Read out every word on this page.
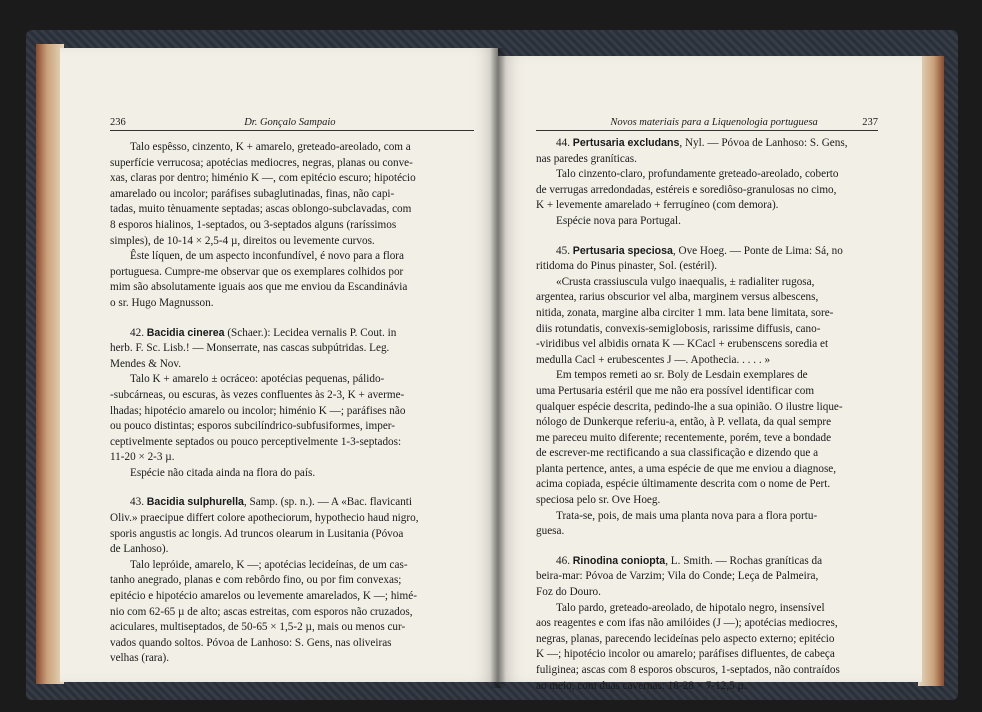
236	Dr. Gonçalo Sampaio
Talo espêsso, cinzento, K + amarelo, greteado-areolado, com a
superfície verrucosa; apotécias mediocres, negras, planas ou conve-
xas, claras por dentro; himénio K —, com epitécio escuro; hipotécio
amarelado ou incolor; paráfises subaglutinadas, finas, não capi-
tadas, muito tènuamente septadas; ascas oblongo-subclavadas, com
8 esporos hialinos, 1-septados, ou 3-septados alguns (raríssimos
simples), de 10-14 × 2,5-4 µ, direitos ou levemente curvos.
Êste líquen, de um aspecto inconfundível, é novo para a flora
portuguesa. Cumpre-me observar que os exemplares colhidos por
mim são absolutamente iguais aos que me enviou da Escandinávia
o sr. Hugo Magnusson.
42. Bacidia cinerea (Schaer.): Lecidea vernalis P. Cout. in
herb. F. Sc. Lisb.! — Monserrate, nas cascas subpútridas. Leg.
Mendes & Nov.
Talo K + amarelo ± ocráceo: apotécias pequenas, pálido-
-subcárneas, ou escuras, às vezes confluentes às 2-3, K + averme-
lhadas; hipotécio amarelo ou incolor; himénio K —; paráfises não
ou pouco distintas; esporos subcilíndrico-subfusiformes, imper-
ceptivelmente septados ou pouco perceptivelmente 1-3-septados:
11-20 × 2-3 µ.
Espécie não citada ainda na flora do país.
43. Bacidia sulphurella, Samp. (sp. n.). — A «Bac. flavicanti
Oliv.» praecipue differt colore apotheciorum, hypothecio haud nigro,
sporis angustis ac longis. Ad truncos olearum in Lusitania (Póvoa
de Lanhoso).
Talo lepróide, amarelo, K —; apotécias lecideínas, de um cas-
tanho anegrado, planas e com rebôrdo fino, ou por fim convexas;
epitécio e hipotécio amarelos ou levemente amarelados, K —; himé-
nio com 62-65 µ de alto; ascas estreitas, com esporos não cruzados,
aciculares, multiseptados, de 50-65 × 1,5-2 µ, mais ou menos cur-
vados quando soltos. Póvoa de Lanhoso: S. Gens, nas oliveiras
velhas (rara).
Novos materiais para a Liquenologia portuguesa	237
44. Pertusaria excludans, Nyl. — Póvoa de Lanhoso: S. Gens,
nas paredes graníticas.
Talo cinzento-claro, profundamente greteado-areolado, coberto
de verrugas arredondadas, estéreis e sorediôso-granulosas no cimo,
K + levemente amarelado + ferrugíneo (com demora).
Espécie nova para Portugal.
45. Pertusaria speciosa, Ove Hoeg. — Ponte de Lima: Sá, no
ritidoma do Pinus pinaster, Sol. (estéril).
«Crusta crassiuscula vulgo inaequalis, ± radialiter rugosa,
argentea, rarius obscurior vel alba, marginem versus albescens,
nitida, zonata, margine alba circiter 1 mm. lata bene limitata, sore-
diis rotundatis, convexis-semiglobosis, rarissime diffusis, cano-
-viridibus vel albidis ornata K — KCacl + erubenscens soredia et
medulla Cacl + erubescentes J —. Apothecia. . . . . »
Em tempos remeti ao sr. Boly de Lesdain exemplares de
uma Pertusaria estéril que me não era possível identificar com
qualquer espécie descrita, pedindo-lhe a sua opinião. O ilustre lique-
nólogo de Dunkerque referiu-a, então, à P. vellata, da qual sempre
me pareceu muito diferente; recentemente, porém, teve a bondade
de escrever-me rectificando a sua classificação e dizendo que a
planta pertence, antes, a uma espécie de que me enviou a diagnose,
acima copiada, espécie últimamente descrita com o nome de Pert.
speciosa pelo sr. Ove Hoeg.
Trata-se, pois, de mais uma planta nova para a flora portu-
guesa.
46. Rinodina coniopta, L. Smith. — Rochas graníticas da
beira-mar: Póvoa de Varzim; Vila do Conde; Leça de Palmeira,
Foz do Douro.
Talo pardo, greteado-areolado, de hipotalo negro, insensível
aos reagentes e com ifas não amilóides (J —); apotécias mediocres,
negras, planas, parecendo lecideínas pelo aspecto externo; epitécio
K —; hipotécio incolor ou amarelo; paráfises difluentes, de cabeça
fuliginea; ascas com 8 esporos obscuros, 1-septados, não contraídos
ao meio, com duas cavernas: 18-28 × 7-12,5 µ.
